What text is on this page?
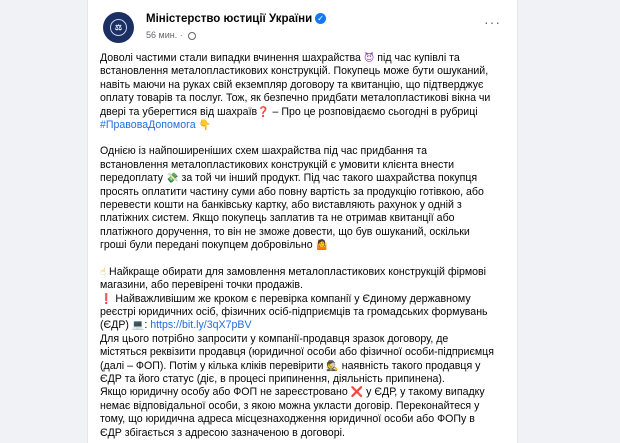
⚖
Міністерство юстиції України ✓
56 мин. ·
···

Доволі частими стали випадки вчинення шахрайства 😈 під час купівлі та встановлення металопластикових конструкцій. Покупець може бути ошуканий, навіть маючи на руках свій екземпляр договору та квитанцію, що підтверджує оплату товарів та послуг. Тож, як безпечно придбати металопластикові вікна чи двері та уберегтися від шахраїв❓ – Про це розповідаємо сьогодні в рубриці
#ПравоваДопомога 👇

Однією із найпоширеніших схем шахрайства під час придбання та встановлення металопластикових конструкцій є умовити клієнта внести передоплату 💸 за той чи інший продукт. Під час такого шахрайства покупця просять оплатити частину суми або повну вартість за продукцію готівкою, або перевести кошти на банківську картку, або виставляють рахунок у одній з платіжних систем. Якщо покупець заплатив та не отримав квитанції або платіжного доручення, то він не зможе довести, що був ошуканий, оскільки гроші були передані покупцем добровільно 🤷

☝ Найкраще обирати для замовлення металопластикових конструкцій фірмові магазини, або перевірені точки продажів.

❗ Найважливішим же кроком є перевірка компанії у Єдиному державному реєстрі юридичних осіб, фізичних осіб-підприємців та громадських формувань (ЄДР) 💻: https://bit.ly/3qX7pBV

Для цього потрібно запросити у компанії-продавця зразок договору, де містяться реквізити продавця (юридичної особи або фізичної особи-підприємця (далі – ФОП). Потім у кілька кліків перевірити 🕵 наявність такого продавця у ЄДР та його статус (діє, в процесі припинення, діяльність припинена).

Якщо юридичну особу або ФОП не зареєстровано ❌ у ЄДР, у такому випадку немає відповідальної особи, з якою можна укласти договір. Переконайтеся у тому, що юридична адреса місцезнаходження юридичної особи або ФОПу в ЄДР збігається з адресою зазначеною в договорі.
